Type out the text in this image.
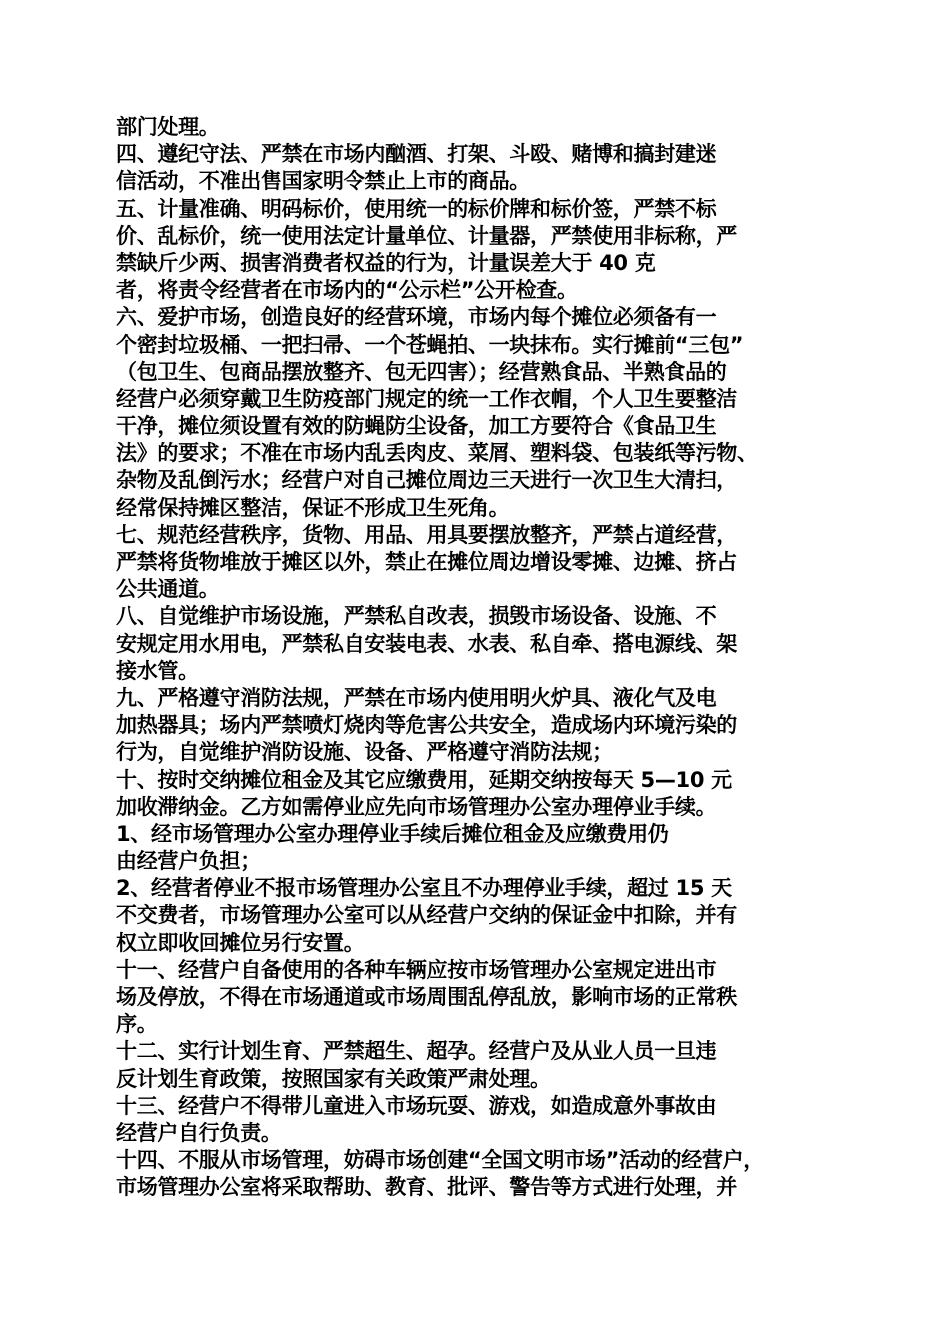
部门处理。
四、遵纪守法、严禁在市场内酗酒、打架、斗殴、赌博和搞封建迷
信活动，不准出售国家明令禁止上市的商品。
五、计量准确、明码标价，使用统一的标价牌和标价签，严禁不标
价、乱标价，统一使用法定计量单位、计量器，严禁使用非标称，严
禁缺斤少两、损害消费者权益的行为，计量误差大于 40 克
者，将责令经营者在市场内的“公示栏”公开检查。
六、爱护市场，创造良好的经营环境，市场内每个摊位必须备有一
个密封垃圾桶、一把扫帚、一个苍蝇拍、一块抹布。实行摊前“三包”
（包卫生、包商品摆放整齐、包无四害）；经营熟食品、半熟食品的
经营户必须穿戴卫生防疫部门规定的统一工作衣帽，个人卫生要整洁
干净，摊位须设置有效的防蝇防尘设备，加工方要符合《食品卫生
法》的要求；不准在市场内乱丢肉皮、菜屑、塑料袋、包装纸等污物、
杂物及乱倒污水；经营户对自己摊位周边三天进行一次卫生大清扫，
经常保持摊区整洁，保证不形成卫生死角。
七、规范经营秩序，货物、用品、用具要摆放整齐，严禁占道经营，
严禁将货物堆放于摊区以外，禁止在摊位周边增设零摊、边摊、挤占
公共通道。
八、自觉维护市场设施，严禁私自改表，损毁市场设备、设施、不
安规定用水用电，严禁私自安装电表、水表、私自牵、搭电源线、架
接水管。
九、严格遵守消防法规，严禁在市场内使用明火炉具、液化气及电
加热器具；场内严禁喷灯烧肉等危害公共安全，造成场内环境污染的
行为，自觉维护消防设施、设备、严格遵守消防法规；
十、按时交纳摊位租金及其它应缴费用，延期交纳按每天 5—10 元
加收滞纳金。乙方如需停业应先向市场管理办公室办理停业手续。
1、经市场管理办公室办理停业手续后摊位租金及应缴费用仍
由经营户负担；
2、经营者停业不报市场管理办公室且不办理停业手续，超过 15 天
不交费者，市场管理办公室可以从经营户交纳的保证金中扣除，并有
权立即收回摊位另行安置。
十一、经营户自备使用的各种车辆应按市场管理办公室规定进出市
场及停放，不得在市场通道或市场周围乱停乱放，影响市场的正常秩
序。
十二、实行计划生育、严禁超生、超孕。经营户及从业人员一旦违
反计划生育政策，按照国家有关政策严肃处理。
十三、经营户不得带儿童进入市场玩耍、游戏，如造成意外事故由
经营户自行负责。
十四、不服从市场管理，妨碍市场创建“全国文明市场”活动的经营户，
市场管理办公室将采取帮助、教育、批评、警告等方式进行处理，并
